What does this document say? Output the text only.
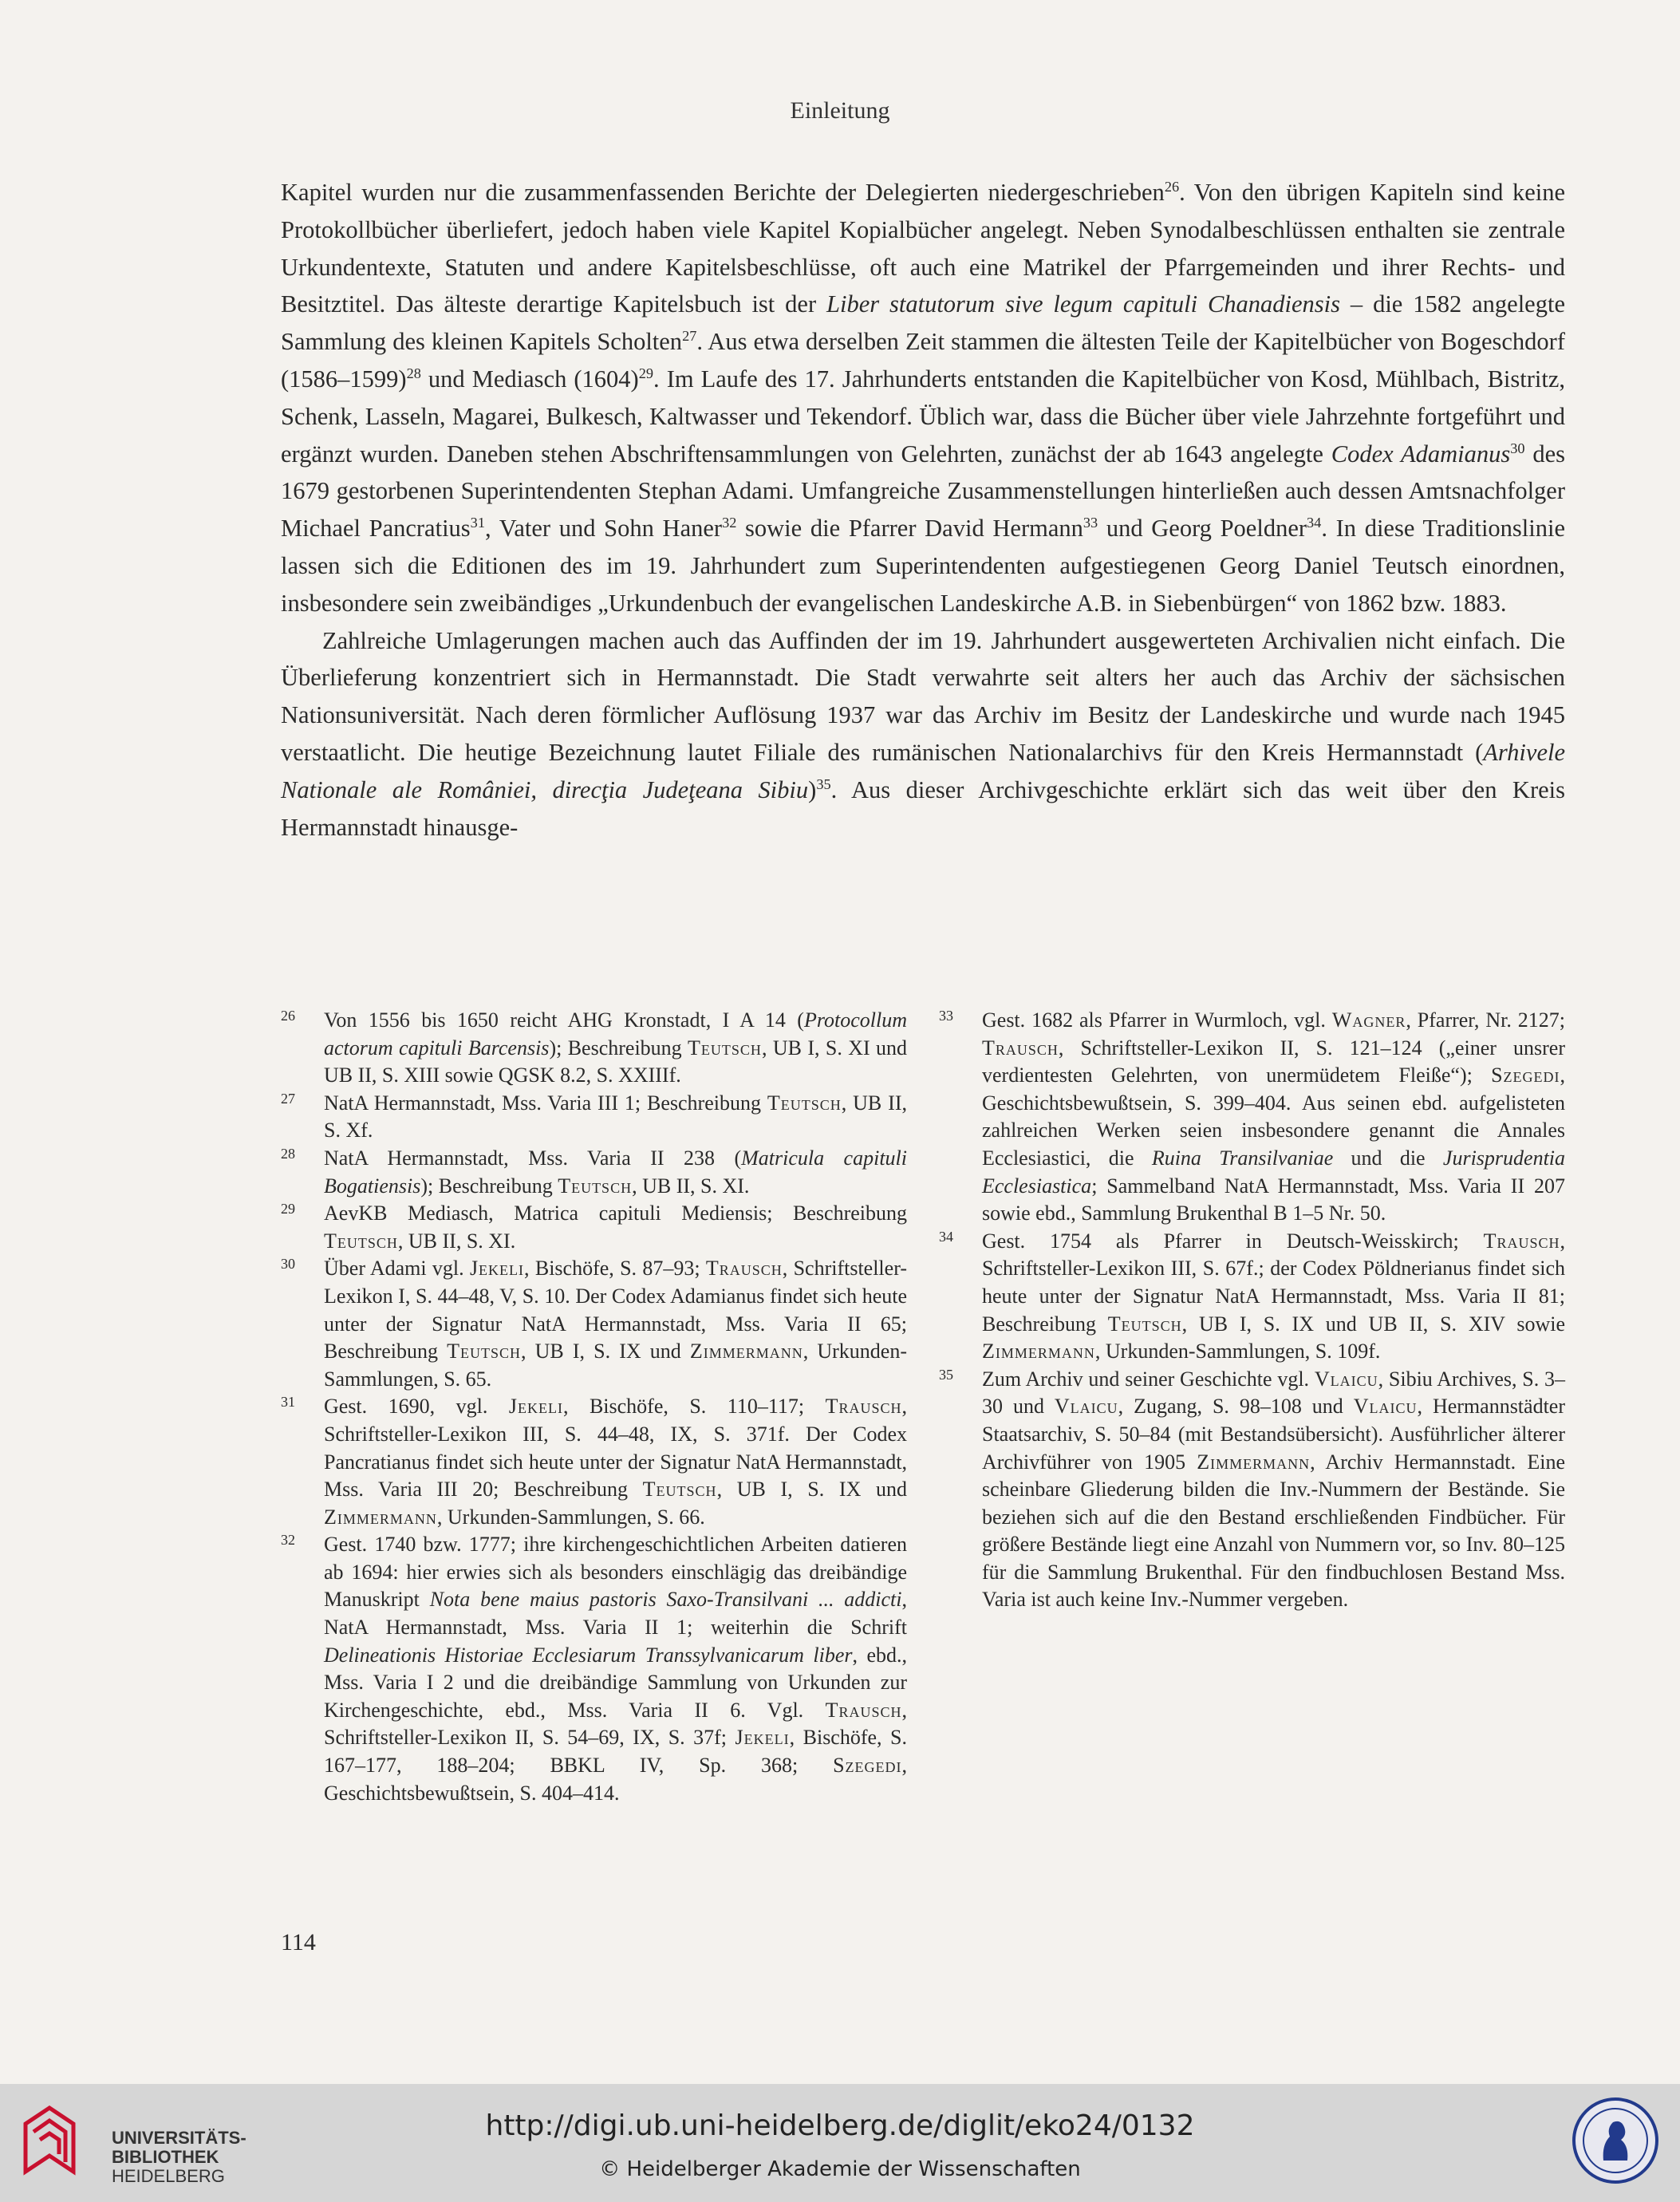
Einleitung

Kapitel wurden nur die zusammenfassenden Berichte der Delegierten niedergeschrieben$^{26}$. Von den übrigen Kapiteln sind keine Protokollbücher überliefert, jedoch haben viele Kapitel Kopialbücher angelegt. Neben Synodalbeschlüssen enthalten sie zentrale Urkundentexte, Statuten und andere Kapitelsbeschlüsse, oft auch eine Matrikel der Pfarrgemeinden und ihrer Rechts- und Besitztitel. Das älteste derartige Kapitelsbuch ist der Liber statutorum sive legum capituli Chanadiensis – die 1582 angelegte Sammlung des kleinen Kapitels Scholten$^{27}$. Aus etwa derselben Zeit stammen die ältesten Teile der Kapitelbücher von Bogeschdorf (1586–1599)$^{28}$ und Mediasch $(1604)^{29}$. Im Laufe des 17. Jahrhunderts entstanden die Kapitelbücher von Kosd, Mühlbach, Bistritz, Schenk, Lasseln, Magarei, Bulkesch, Kaltwasser und Tekendorf. Üblich war, dass die Bücher über viele Jahrzehnte fortgeführt und ergänzt wurden. Daneben stehen Abschriftensammlungen von Gelehrten, zunächst der ab 1643 angelegte Codex Adamianus$^{30}$ des 1679 gestorbenen Superintendenten Stephan Adami. Umfangreiche Zusammenstellungen hinterließen auch dessen Amtsnachfolger Michael Pancratius$^{31}$, Vater und Sohn Haner$^{32}$ sowie die Pfarrer David Hermann$^{33}$ und Georg Poeldner$^{34}$. In diese Traditionslinie lassen sich die Editionen des im 19. Jahrhundert zum Superintendenten aufgestiegenen Georg Daniel Teutsch einordnen, insbesondere sein zweibändiges „Urkundenbuch der evangelischen Landeskirche A.B. in Siebenbürgen“ von 1862 bzw. 1883.

Zahlreiche Umlagerungen machen auch das Auffinden der im 19. Jahrhundert ausgewerteten Archivalien nicht einfach. Die Überlieferung konzentriert sich in Hermannstadt. Die Stadt verwahrte seit alters her auch das Archiv der sächsischen Nationsuniversität. Nach deren förmlicher Auflösung 1937 war das Archiv im Besitz der Landeskirche und wurde nach 1945 verstaatlicht. Die heutige Bezeichnung lautet Filiale des rumänischen Nationalarchivs für den Kreis Hermannstadt (Arhivele Nationale ale României, direcţia Judeţeana Sibiu)$^{35}$. Aus dieser Archivgeschichte erklärt sich das weit über den Kreis Hermannstadt hinausge-

26 Von 1556 bis 1650 reicht AHG Kronstadt, I A 14 (Protocollum actorum capituli Barcensis); Beschreibung Teutsch, UB I, S. XI und UB II, S. XIII sowie QGSK 8.2, S. XXIIIf.
27 NatA Hermannstadt, Mss. Varia III 1; Beschreibung Teutsch, UB II, S. Xf.
28 NatA Hermannstadt, Mss. Varia II 238 (Matricula capituli Bogatiensis); Beschreibung Teutsch, UB II, S. XI.
29 AevKB Mediasch, Matrica capituli Mediensis; Beschreibung Teutsch, UB II, S. XI.
30 Über Adami vgl. Jekeli, Bischöfe, S. 87–93; Trausch, Schriftsteller-Lexikon I, S. 44–48, V, S. 10. Der Codex Adamianus findet sich heute unter der Signatur NatA Hermannstadt, Mss. Varia II 65; Beschreibung Teutsch, UB I, S. IX und Zimmermann, Urkunden-Sammlungen, S. 65.
31 Gest. 1690, vgl. Jekeli, Bischöfe, S. 110–117; Trausch, Schriftsteller-Lexikon III, S. 44–48, IX, S. 371f. Der Codex Pancratianus findet sich heute unter der Signatur NatA Hermannstadt, Mss. Varia III 20; Beschreibung Teutsch, UB I, S. IX und Zimmermann, Urkunden-Sammlungen, S. 66.
32 Gest. 1740 bzw. 1777; ihre kirchengeschichtlichen Arbeiten datieren ab 1694: hier erwies sich als besonders einschlägig das dreibändige Manuskript Nota bene maius pastoris Saxo-Transilvani ... addicti, NatA Hermannstadt, Mss. Varia II 1; weiterhin die Schrift Delineationis Historiae Ecclesiarum Transsylvanicarum liber, ebd., Mss. Varia I 2 und die dreibändige Sammlung von Urkunden zur Kirchengeschichte, ebd., Mss. Varia II 6. Vgl. Trausch, Schriftsteller-Lexikon II, S. 54–69, IX, S. 37f; Jekeli, Bischöfe, S. 167–177, 188–204; BBKL IV, Sp. 368; Szegedi, Geschichtsbewußtsein, S. 404–414.
33 Gest. 1682 als Pfarrer in Wurmloch, vgl. Wagner, Pfarrer, Nr. 2127; Trausch, Schriftsteller-Lexikon II, S. 121–124 („einer unsrer verdientesten Gelehrten, von unermüdetem Fleiße“); Szegedi, Geschichtsbewußtsein, S. 399–404. Aus seinen ebd. aufgelisteten zahlreichen Werken seien insbesondere genannt die Annales Ecclesiastici, die Ruina Transilvaniae und die Jurisprudentia Ecclesiastica; Sammelband NatA Hermannstadt, Mss. Varia II 207 sowie ebd., Sammlung Brukenthal B 1–5 Nr. 50.
34 Gest. 1754 als Pfarrer in Deutsch-Weisskirch; Trausch, Schriftsteller-Lexikon III, S. 67f.; der Codex Pöldnerianus findet sich heute unter der Signatur NatA Hermannstadt, Mss. Varia II 81; Beschreibung Teutsch, UB I, S. IX und UB II, S. XIV sowie Zimmermann, Urkunden-Sammlungen, S. 109f.
35 Zum Archiv und seiner Geschichte vgl. Vlaicu, Sibiu Archives, S. 3–30 und Vlaicu, Zugang, S. 98–108 und Vlaicu, Hermannstädter Staatsarchiv, S. 50–84 (mit Bestandsübersicht). Ausführlicher älterer Archivführer von 1905 Zimmermann, Archiv Hermannstadt. Eine scheinbare Gliederung bilden die Inv.-Nummern der Bestände. Sie beziehen sich auf die den Bestand erschließenden Findbücher. Für größere Bestände liegt eine Anzahl von Nummern vor, so Inv. 80–125 für die Sammlung Brukenthal. Für den findbuchlosen Bestand Mss. Varia ist auch keine Inv.-Nummer vergeben.
114
UNIVERSITÄTS-
BIBLIOTHEK
HEIDELBERG
http://digi.ub.uni-heidelberg.de/diglit/eko24/0132
© Heidelberger Akademie der Wissenschaften
